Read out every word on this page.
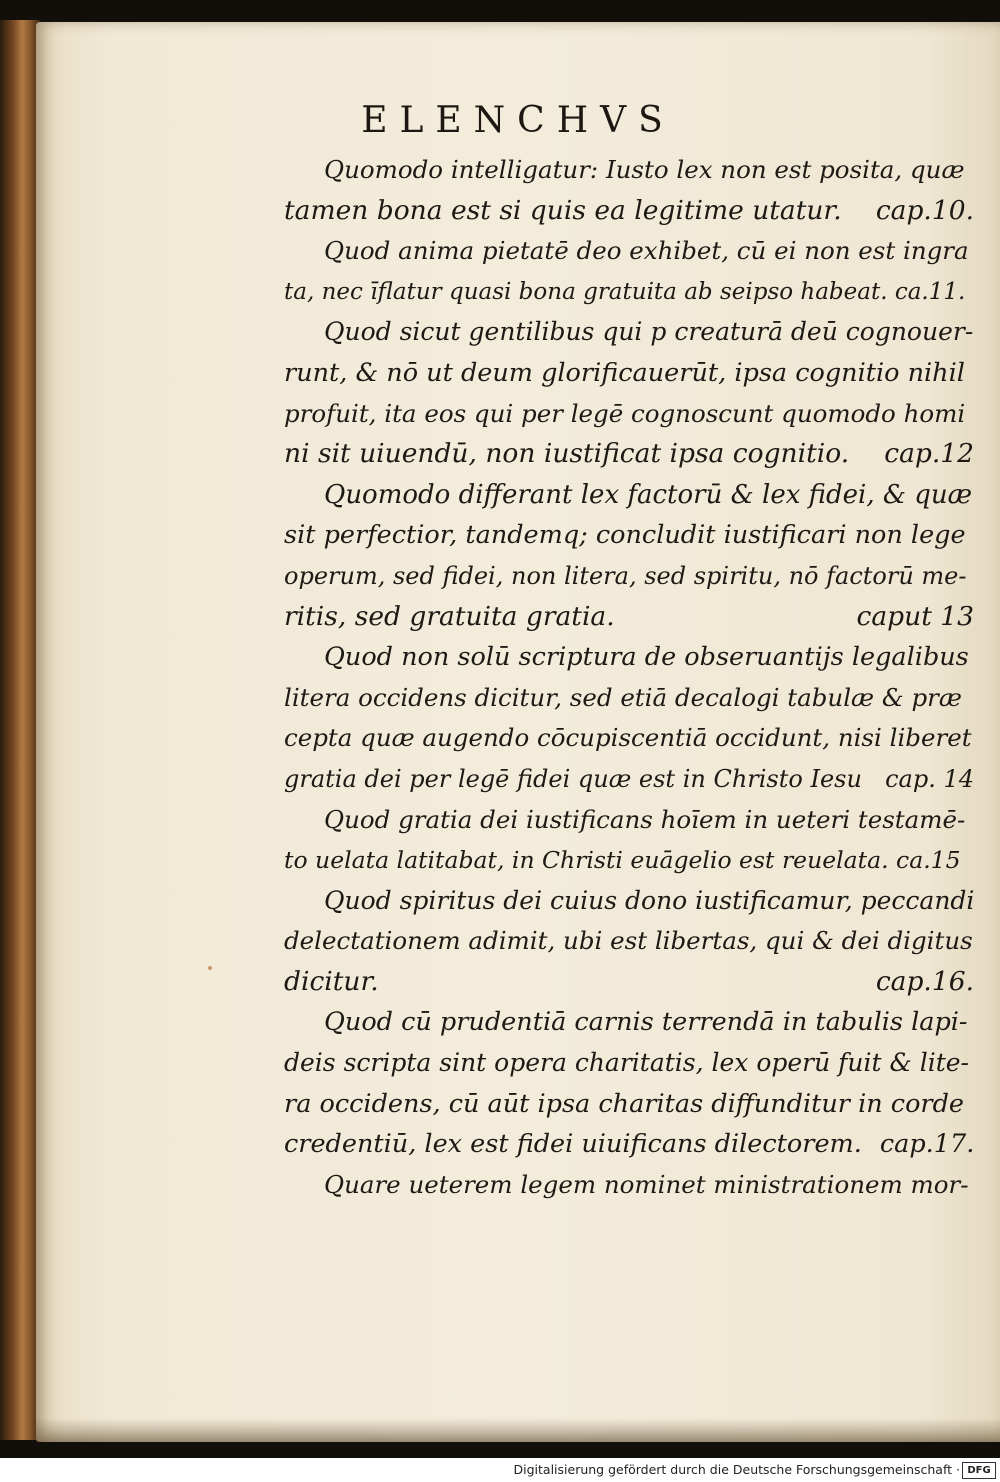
ELENCHVS
Quomodo intelligatur: Iusto lex non est posita, quæ
tamen bona est si quis ea legitime utatur.	cap.10.
Quod anima pietatē deo exhibet, cū ei non est ingra
ta, nec īflatur quasi bona gratuita ab seipso habeat. ca.11.
Quod sicut gentilibus qui p creaturā deū cognouer-
runt, & nō ut deum glorificauerūt, ipsa cognitio nihil
profuit, ita eos qui per legē cognoscunt quomodo homi
ni sit uiuendū, non iustificat ipsa cognitio.	cap.12
Quomodo differant lex factorū & lex fidei, & quæ
sit perfectior, tandemq; concludit iustificari non lege
operum, sed fidei, non litera, sed spiritu, nō factorū me-
ritis, sed gratuita gratia.	caput 13
Quod non solū scriptura de obseruantijs legalibus
litera occidens dicitur, sed etiā decalogi tabulæ & præ
cepta quæ augendo cōcupiscentiā occidunt, nisi liberet
gratia dei per legē fidei quæ est in Christo Iesu cap. 14
Quod gratia dei iustificans hoīem in ueteri testamē-
to uelata latitabat, in Christi euāgelio est reuelata. ca.15
Quod spiritus dei cuius dono iustificamur, peccandi
delectationem adimit, ubi est libertas, qui & dei digitus
dicitur.	cap.16.
Quod cū prudentiā carnis terrendā in tabulis lapi-
deis scripta sint opera charitatis, lex operū fuit & lite-
ra occidens, cū aūt ipsa charitas diffunditur in corde
credentiū, lex est fidei uiuificans dilectorem. cap.17.
Quare ueterem legem nominet ministrationem mor-
Digitalisierung gefördert durch die Deutsche Forschungsgemeinschaft · DFG
